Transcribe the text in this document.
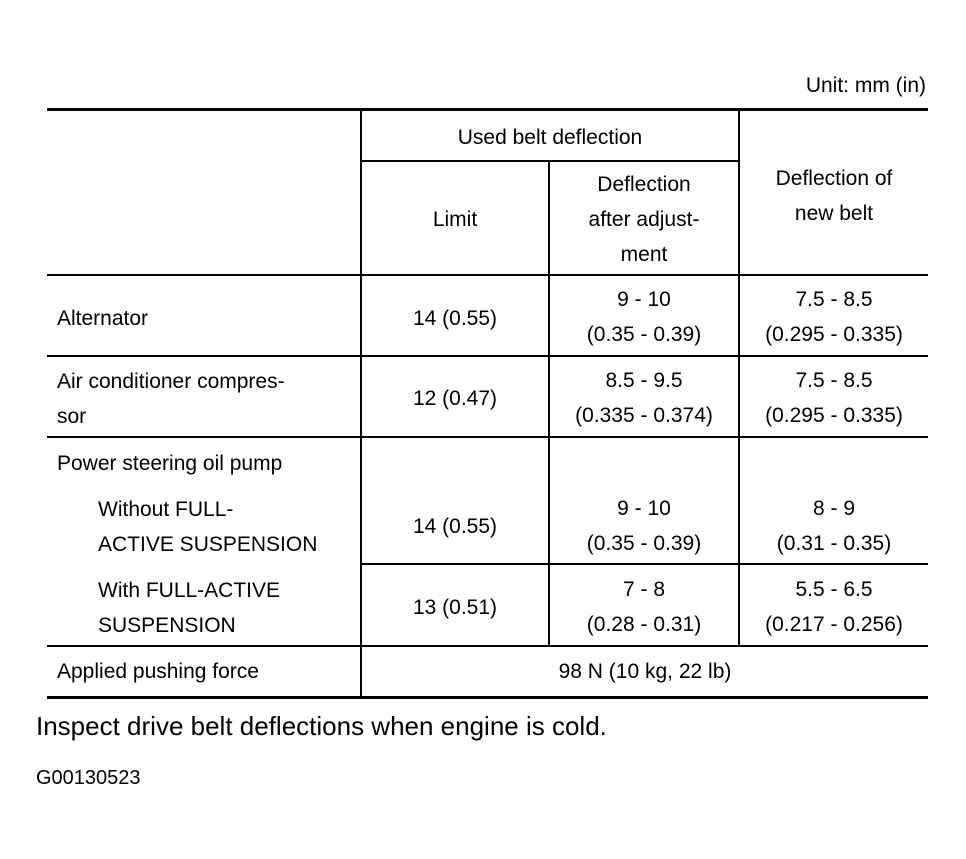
Unit: mm (in)
Used belt deflection
Limit
Deflection
after adjust-
ment
Deflection of
new belt
Alternator	14 (0.55)
9 - 10
(0.35 - 0.39)
7.5 - 8.5
(0.295 - 0.335)
Air conditioner compres-
sor
12 (0.47)
8.5 - 9.5
(0.335 - 0.374)
7.5 - 8.5
(0.295 - 0.335)
Power steering oil pump
Without FULL-
ACTIVE SUSPENSION
14 (0.55)
9 - 10
(0.35 - 0.39)
8 - 9
(0.31 - 0.35)
With FULL-ACTIVE
SUSPENSION
13 (0.51)
7 - 8
(0.28 - 0.31)
5.5 - 6.5
(0.217 - 0.256)
Applied pushing force	98 N (10 kg, 22 lb)
Inspect drive belt deflections when engine is cold.
G00130523
